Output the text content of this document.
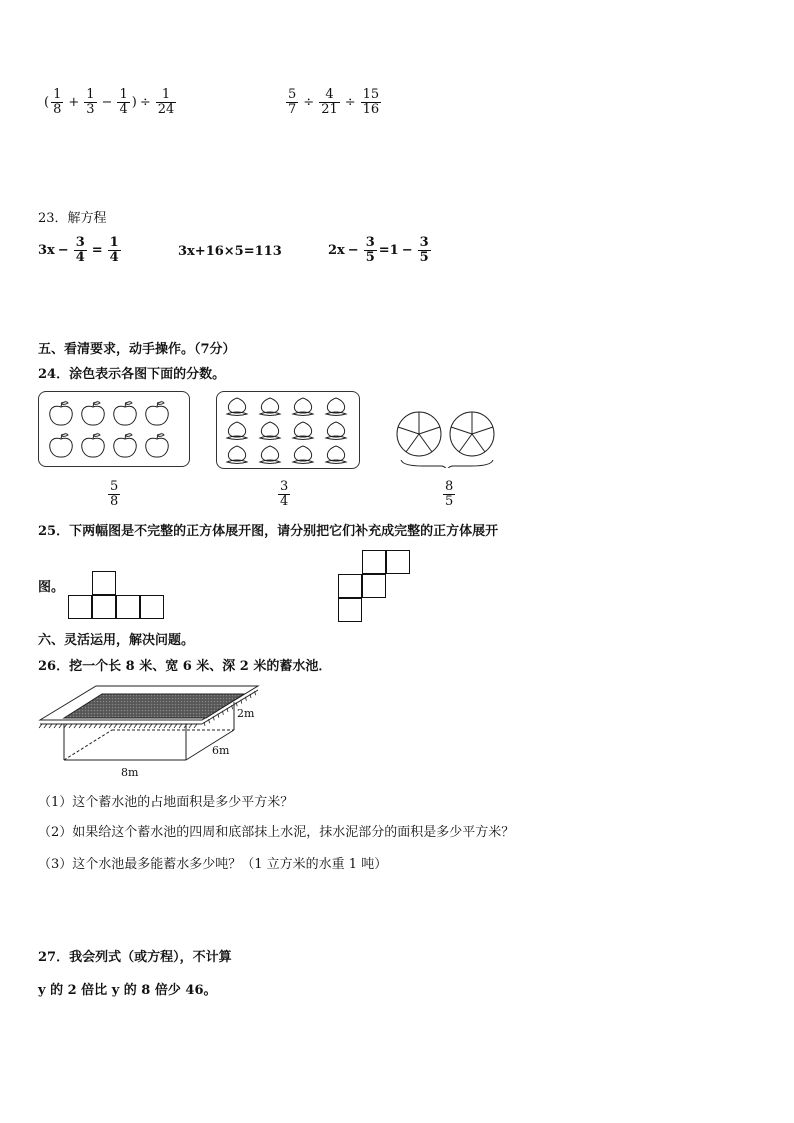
( $\frac{1}{8} + \frac{1}{3} - \frac{1}{4}$ ) ÷ $\frac{1}{24}$	$\frac{5}{7} \div \frac{4}{21} \div \frac{15}{16}$
23．解方程
$3x - \frac{3}{4} = \frac{1}{4}$	3x+16×5=113	$2x - \frac{3}{5} =1 - \frac{3}{5}$
五、看清要求，动手操作。（7分）
24．涂色表示各图下面的分数。
$\frac{5}{8}$	$\frac{3}{4}$	$\frac{8}{5}$
25．下两幅图是不完整的正方体展开图，请分别把它们补充成完整的正方体展开
图。
六、灵活运用，解决问题。
26．挖一个长 8 米、宽 6 米、深 2 米的蓄水池．
2m
6m
8m
（1）这个蓄水池的占地面积是多少平方米？
（2）如果给这个蓄水池的四周和底部抹上水泥，抹水泥部分的面积是多少平方米？
（3）这个水池最多能蓄水多少吨？（1 立方米的水重 1 吨）
27．我会列式（或方程），不计算
y 的 2 倍比 y 的 8 倍少 46。
